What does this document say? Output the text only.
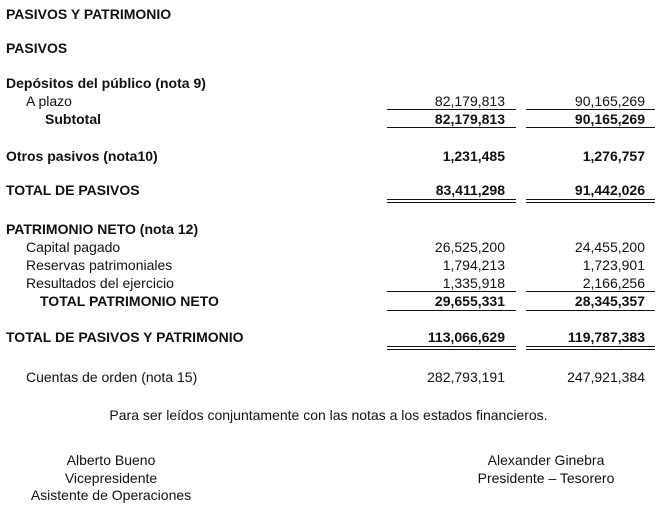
PASIVOS Y PATRIMONIO
PASIVOS
Depósitos del público (nota 9)
A plazo	82,179,813	90,165,269
Subtotal	82,179,813	90,165,269
Otros pasivos (nota10)	1,231,485	1,276,757
TOTAL DE PASIVOS	83,411,298	91,442,026
PATRIMONIO NETO (nota 12)
Capital pagado	26,525,200	24,455,200
Reservas patrimoniales	1,794,213	1,723,901
Resultados del ejercicio	1,335,918	2,166,256
TOTAL PATRIMONIO NETO	29,655,331	28,345,357
TOTAL DE PASIVOS Y PATRIMONIO	113,066,629	119,787,383
Cuentas de orden (nota 15)	282,793,191	247,921,384
Para ser leídos conjuntamente con las notas a los estados financieros.
Alberto Bueno
Vicepresidente
Asistente de Operaciones
Alexander Ginebra
Presidente – Tesorero
